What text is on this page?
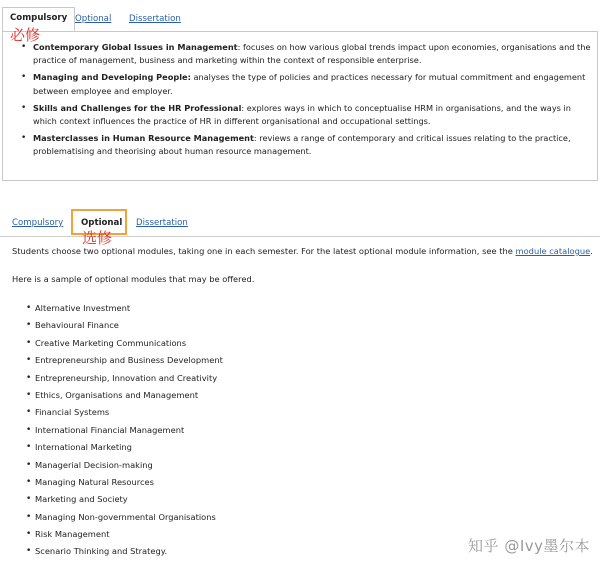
Compulsory Optional Dissertation
• Contemporary Global Issues in Management: focuses on how various global trends impact upon economies, organisations and the practice of management, business and marketing within the context of responsible enterprise.
• Managing and Developing People: analyses the type of policies and practices necessary for mutual commitment and engagement between employee and employer.
• Skills and Challenges for the HR Professional: explores ways in which to conceptualise HRM in organisations, and the ways in which context influences the practice of HR in different organisational and occupational settings.
• Masterclasses in Human Resource Management: reviews a range of contemporary and critical issues relating to the practice, problematising and theorising about human resource management.
必修
Compulsory Optional Dissertation
选修
Students choose two optional modules, taking one in each semester. For the latest optional module information, see the module catalogue.
Here is a sample of optional modules that may be offered.
• Alternative Investment
• Behavioural Finance
• Creative Marketing Communications
• Entrepreneurship and Business Development
• Entrepreneurship, Innovation and Creativity
• Ethics, Organisations and Management
• Financial Systems
• International Financial Management
• International Marketing
• Managerial Decision-making
• Managing Natural Resources
• Marketing and Society
• Managing Non-governmental Organisations
• Risk Management
• Scenario Thinking and Strategy.	知乎 @Ivy墨尔本
